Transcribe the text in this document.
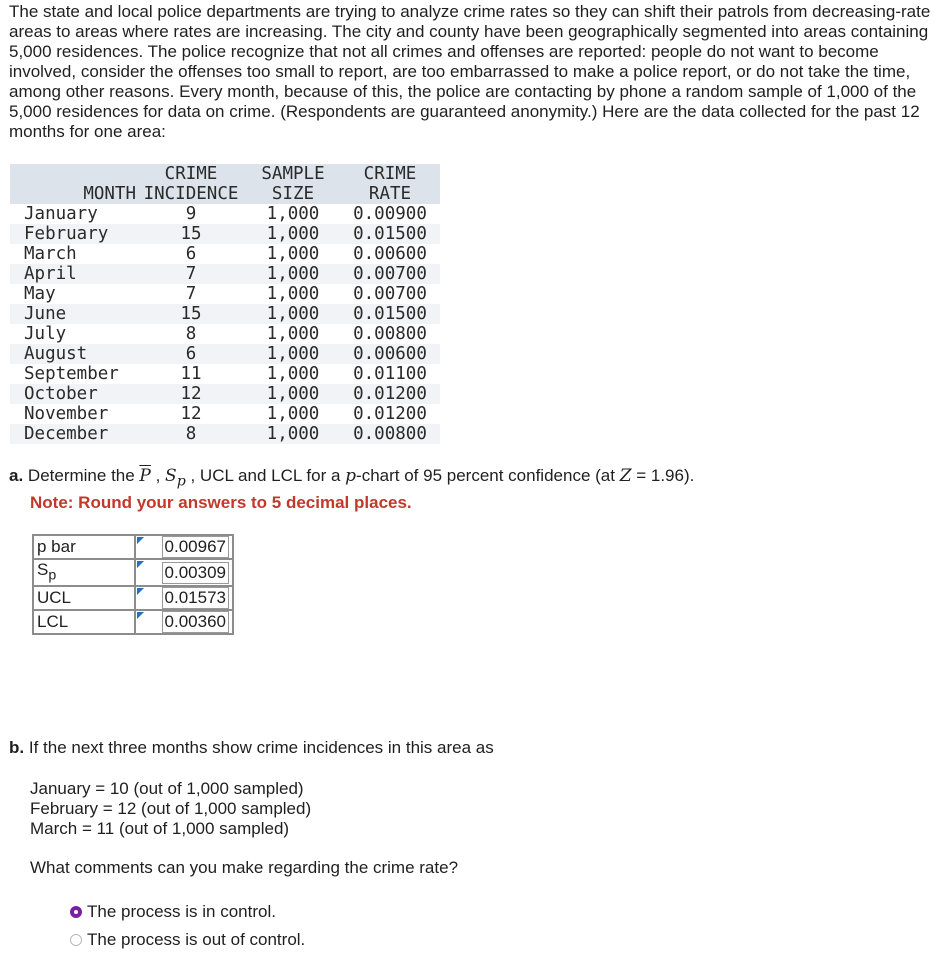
The state and local police departments are trying to analyze crime rates so they can shift their patrols from decreasing-rate areas to areas where rates are increasing. The city and county have been geographically segmented into areas containing 5,000 residences. The police recognize that not all crimes and offenses are reported: people do not want to become involved, consider the offenses too small to report, are too embarrassed to make a police report, or do not take the time, among other reasons. Every month, because of this, the police are contacting by phone a random sample of 1,000 of the 5,000 residences for data on crime. (Respondents are guaranteed anonymity.) Here are the data collected for the past 12 months for one area:

	CRIME	SAMPLE	CRIME
MONTH	INCIDENCE	SIZE	RATE
January	9	1,000	0.00900
February	15	1,000	0.01500
March	6	1,000	0.00600
April	7	1,000	0.00700
May	7	1,000	0.00700
June	15	1,000	0.01500
July	8	1,000	0.00800
August	6	1,000	0.00600
September	11	1,000	0.01100
October	12	1,000	0.01200
November	12	1,000	0.01200
December	8	1,000	0.00800
a. Determine the $\overline{P}$ , $S_p$ , UCL and LCL for a p-chart of 95 percent confidence (at Z = 1.96).
Note: Round your answers to 5 decimal places.
p bar	0.00967
$S_p$	0.00309
UCL	0.01573
LCL	0.00360
b. If the next three months show crime incidences in this area as
January = 10 (out of 1,000 sampled)
February = 12 (out of 1,000 sampled)
March = 11 (out of 1,000 sampled)
What comments can you make regarding the crime rate?
The process is in control.
The process is out of control.
